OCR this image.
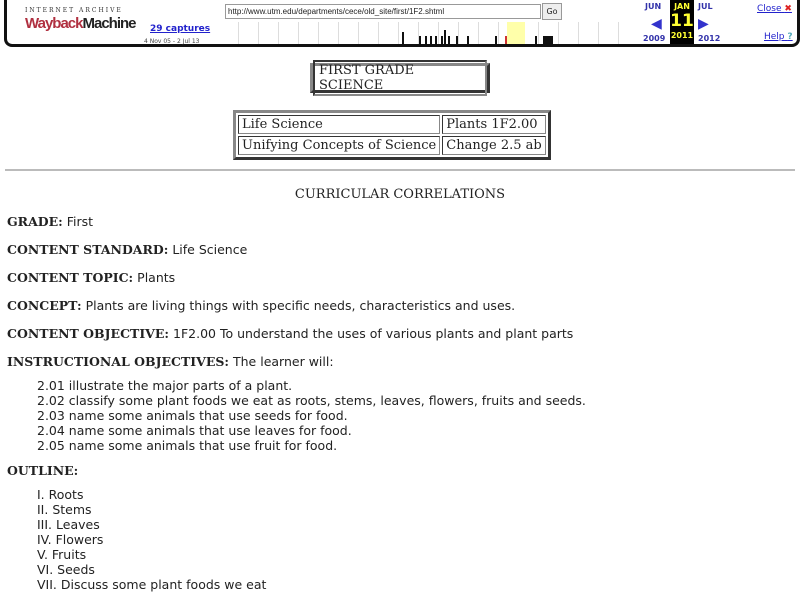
INTERNET ARCHIVE
WaybackMachine 29 captures
4 Nov 05 - 2 Jul 13
http://www.utm.edu/departments/cece/old_site/first/1F2.shtml	Go
JUN
◀
2009
JAN
11
2011
JUL
▶
2012
Close ✖
Help ?
FIRST GRADE SCIENCE
Life Science	Plants 1F2.00
Unifying Concepts of Science	Change 2.5 ab
CURRICULAR CORRELATIONS

GRADE: First

CONTENT STANDARD: Life Science

CONTENT TOPIC: Plants

CONCEPT: Plants are living things with specific needs, characteristics and uses.

CONTENT OBJECTIVE: 1F2.00 To understand the uses of various plants and plant parts

INSTRUCTIONAL OBJECTIVES: The learner will:

2.01 illustrate the major parts of a plant.
2.02 classify some plant foods we eat as roots, stems, leaves, flowers, fruits and seeds.
2.03 name some animals that use seeds for food.
2.04 name some animals that use leaves for food.
2.05 name some animals that use fruit for food.

OUTLINE:

I. Roots
II. Stems
III. Leaves
IV. Flowers
V. Fruits
VI. Seeds
VII. Discuss some plant foods we eat
